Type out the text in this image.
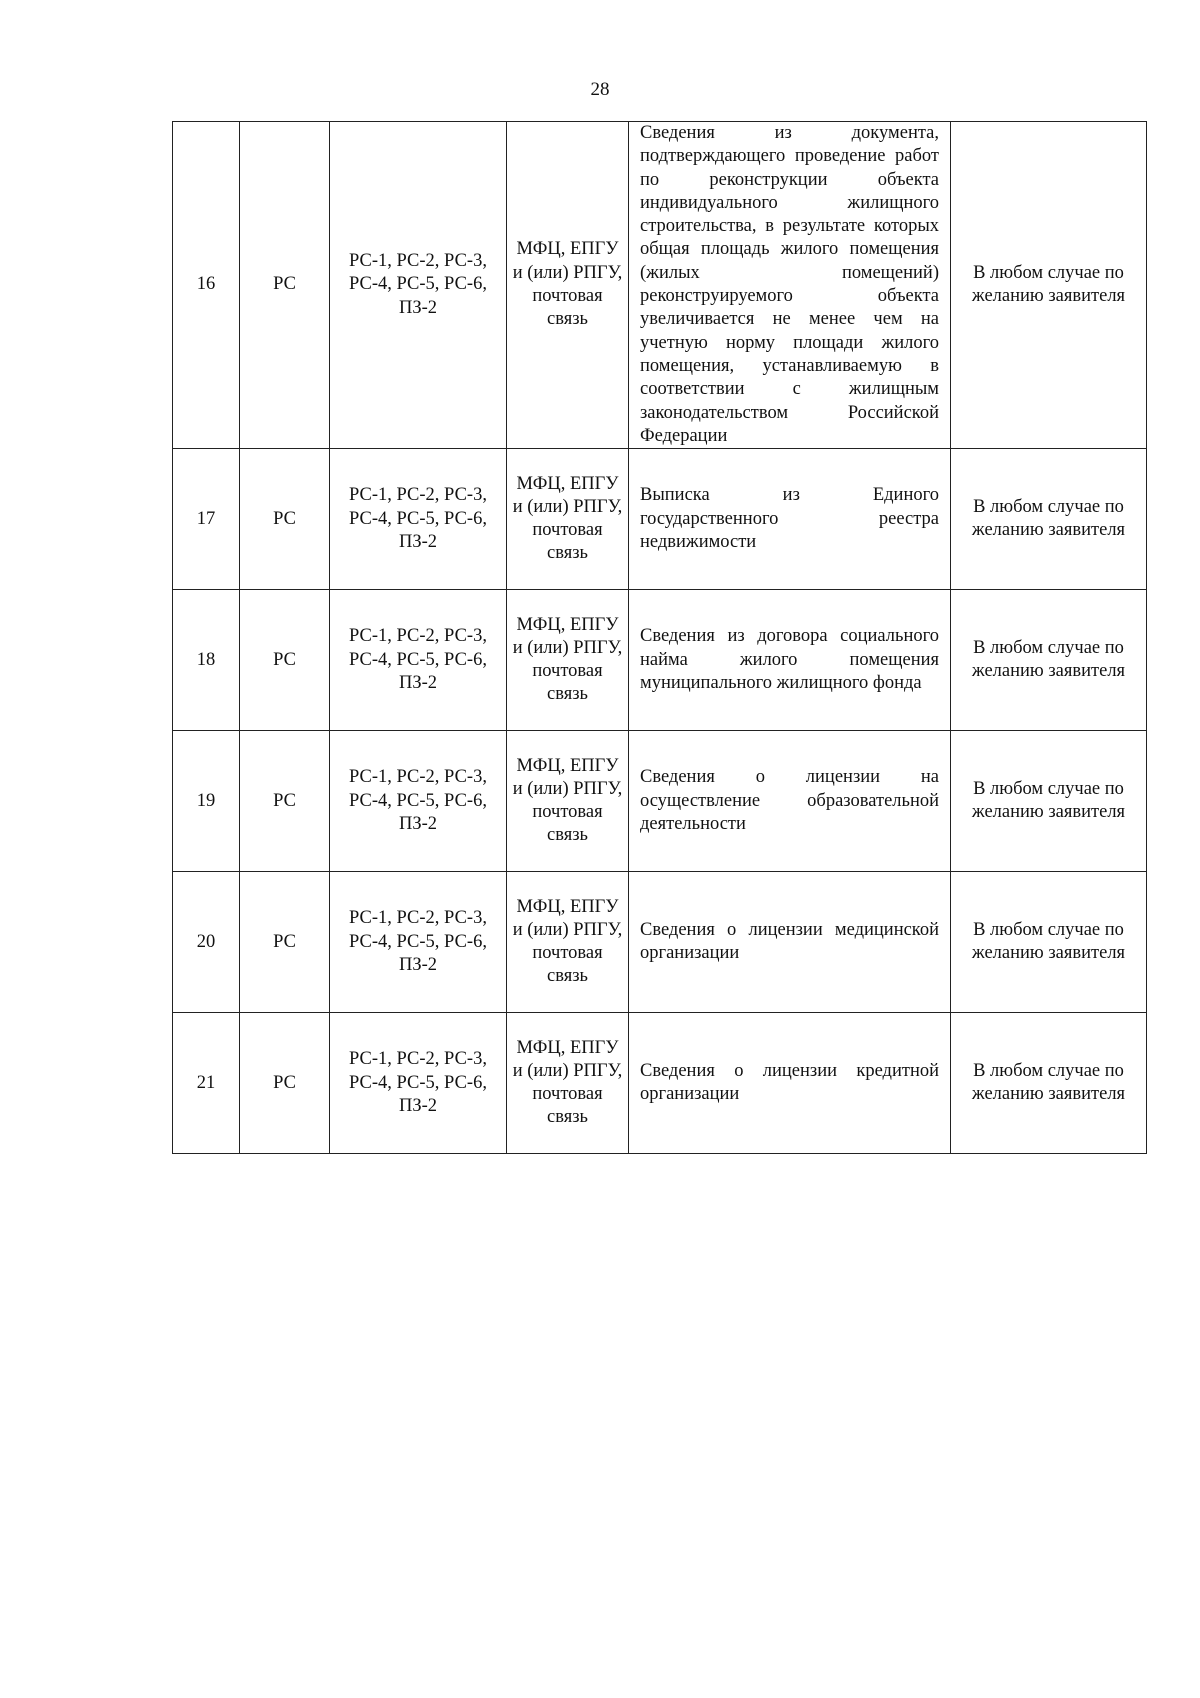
28
16	РС	РС-1, РС-2, РС-3, РС-4, РС-5, РС-6, ПЗ-2	МФЦ, ЕПГУ и (или) РПГУ, почтовая связь	Сведения из документа, подтверждающего проведение работ по реконструкции объекта индивидуального жилищного строительства, в результате которых общая площадь жилого помещения (жилых помещений) реконструируемого объекта увеличивается не менее чем на учетную норму площади жилого помещения, устанавливаемую в соответствии с жилищным законодательством Российской Федерации	В любом случае по желанию заявителя
17	РС	РС-1, РС-2, РС-3, РС-4, РС-5, РС-6, ПЗ-2	МФЦ, ЕПГУ и (или) РПГУ, почтовая связь	Выписка из Единого государственного реестра недвижимости	В любом случае по желанию заявителя
18	РС	РС-1, РС-2, РС-3, РС-4, РС-5, РС-6, ПЗ-2	МФЦ, ЕПГУ и (или) РПГУ, почтовая связь	Сведения из договора социального найма жилого помещения муниципального жилищного фонда	В любом случае по желанию заявителя
19	РС	РС-1, РС-2, РС-3, РС-4, РС-5, РС-6, ПЗ-2	МФЦ, ЕПГУ и (или) РПГУ, почтовая связь	Сведения о лицензии на осуществление образовательной деятельности	В любом случае по желанию заявителя
20	РС	РС-1, РС-2, РС-3, РС-4, РС-5, РС-6, ПЗ-2	МФЦ, ЕПГУ и (или) РПГУ, почтовая связь	Сведения о лицензии медицинской организации	В любом случае по желанию заявителя
21	РС	РС-1, РС-2, РС-3, РС-4, РС-5, РС-6, ПЗ-2	МФЦ, ЕПГУ и (или) РПГУ, почтовая связь	Сведения о лицензии кредитной организации	В любом случае по желанию заявителя
